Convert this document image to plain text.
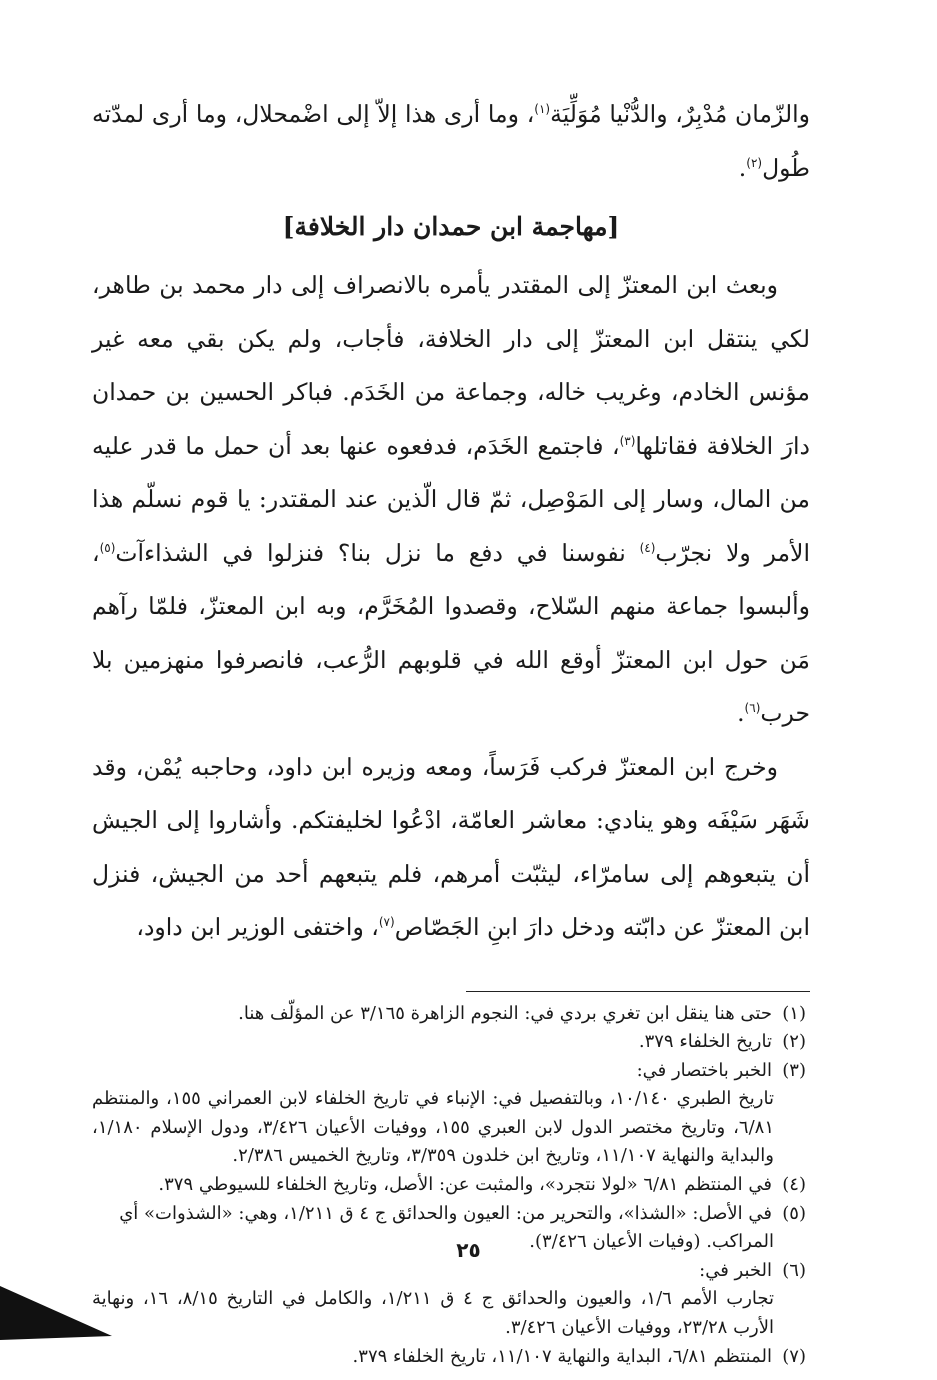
والزّمان مُدْبِرٌ، والدُّنْيا مُوَلِّيَة$^{(١)}$، وما أرى هذا إلاّ إلى اضْمحلال، وما أرى لمدّته طُول$^{(٢)}$.

[مهاجمة ابن حمدان دار الخلافة]

وبعث ابن المعتزّ إلى المقتدر يأمره بالانصراف إلى دار محمد بن طاهر، لكي ينتقل ابن المعتزّ إلى دار الخلافة، فأجاب، ولم يكن بقي معه غير مؤنس الخادم، وغريب خاله، وجماعة من الخَدَم. فباكر الحسين بن حمدان دارَ الخلافة فقاتلها$^{(٣)}$، فاجتمع الخَدَم، فدفعوه عنها بعد أن حمل ما قدر عليه من المال، وسار إلى المَوْصِل، ثمّ قال الّذين عند المقتدر: يا قوم نسلّم هذا الأمر ولا نجرّب$^{(٤)}$ نفوسنا في دفع ما نزل بنا؟ فنزلوا في الشذاءآت$^{(٥)}$، وألبسوا جماعة منهم السّلاح، وقصدوا المُخَرَّم، وبه ابن المعتزّ، فلمّا رآهم مَن حول ابن المعتزّ أوقع الله في قلوبهم الرُّعب، فانصرفوا منهزمين بلا حرب$^{(٦)}$.

وخرج ابن المعتزّ فركب فَرَساً، ومعه وزيره ابن داود، وحاجبه يُمْن، وقد شَهَر سَيْفَه وهو ينادي: معاشر العامّة، ادْعُوا لخليفتكم. وأشاروا إلى الجيش أن يتبعوهم إلى سامرّاء، ليثبّت أمرهم، فلم يتبعهم أحد من الجيش، فنزل ابن المعتزّ عن دابّته ودخل دارَ ابنِ الجَصّاص$^{(٧)}$، واختفى الوزير ابن داود،

(١)حتى هنا ينقل ابن تغري بردي في: النجوم الزاهرة ٣/١٦٥ عن المؤلّف هنا.
(٢)تاريخ الخلفاء ٣٧٩.
(٣)الخبر باختصار في:
تاريخ الطبري ١٠/١٤٠، وبالتفصيل في: الإنباء في تاريخ الخلفاء لابن العمراني ١٥٥، والمنتظم ٦/٨١، وتاريخ مختصر الدول لابن العبري ١٥٥، ووفيات الأعيان ٣/٤٢٦، ودول الإسلام ١/١٨٠، والبداية والنهاية ١١/١٠٧، وتاريخ ابن خلدون ٣/٣٥٩، وتاريخ الخميس ٢/٣٨٦.
(٤)في المنتظم ٦/٨١ «لولا نتجرد»، والمثبت عن: الأصل، وتاريخ الخلفاء للسيوطي ٣٧٩.
(٥)في الأصل: «الشذا»، والتحرير من: العيون والحدائق ج ٤ ق ١/٢١١، وهي: «الشذوات» أي
المراكب. (وفيات الأعيان ٣/٤٢٦).
(٦)الخبر في:
تجارب الأمم ١/٦، والعيون والحدائق ج ٤ ق ١/٢١١، والكامل في التاريخ ٨/١٥، ١٦، ونهاية الأرب ٢٣/٢٨، ووفيات الأعيان ٣/٤٢٦.
(٧)المنتظم ٦/٨١، البداية والنهاية ١١/١٠٧، تاريخ الخلفاء ٣٧٩.
٢٥
